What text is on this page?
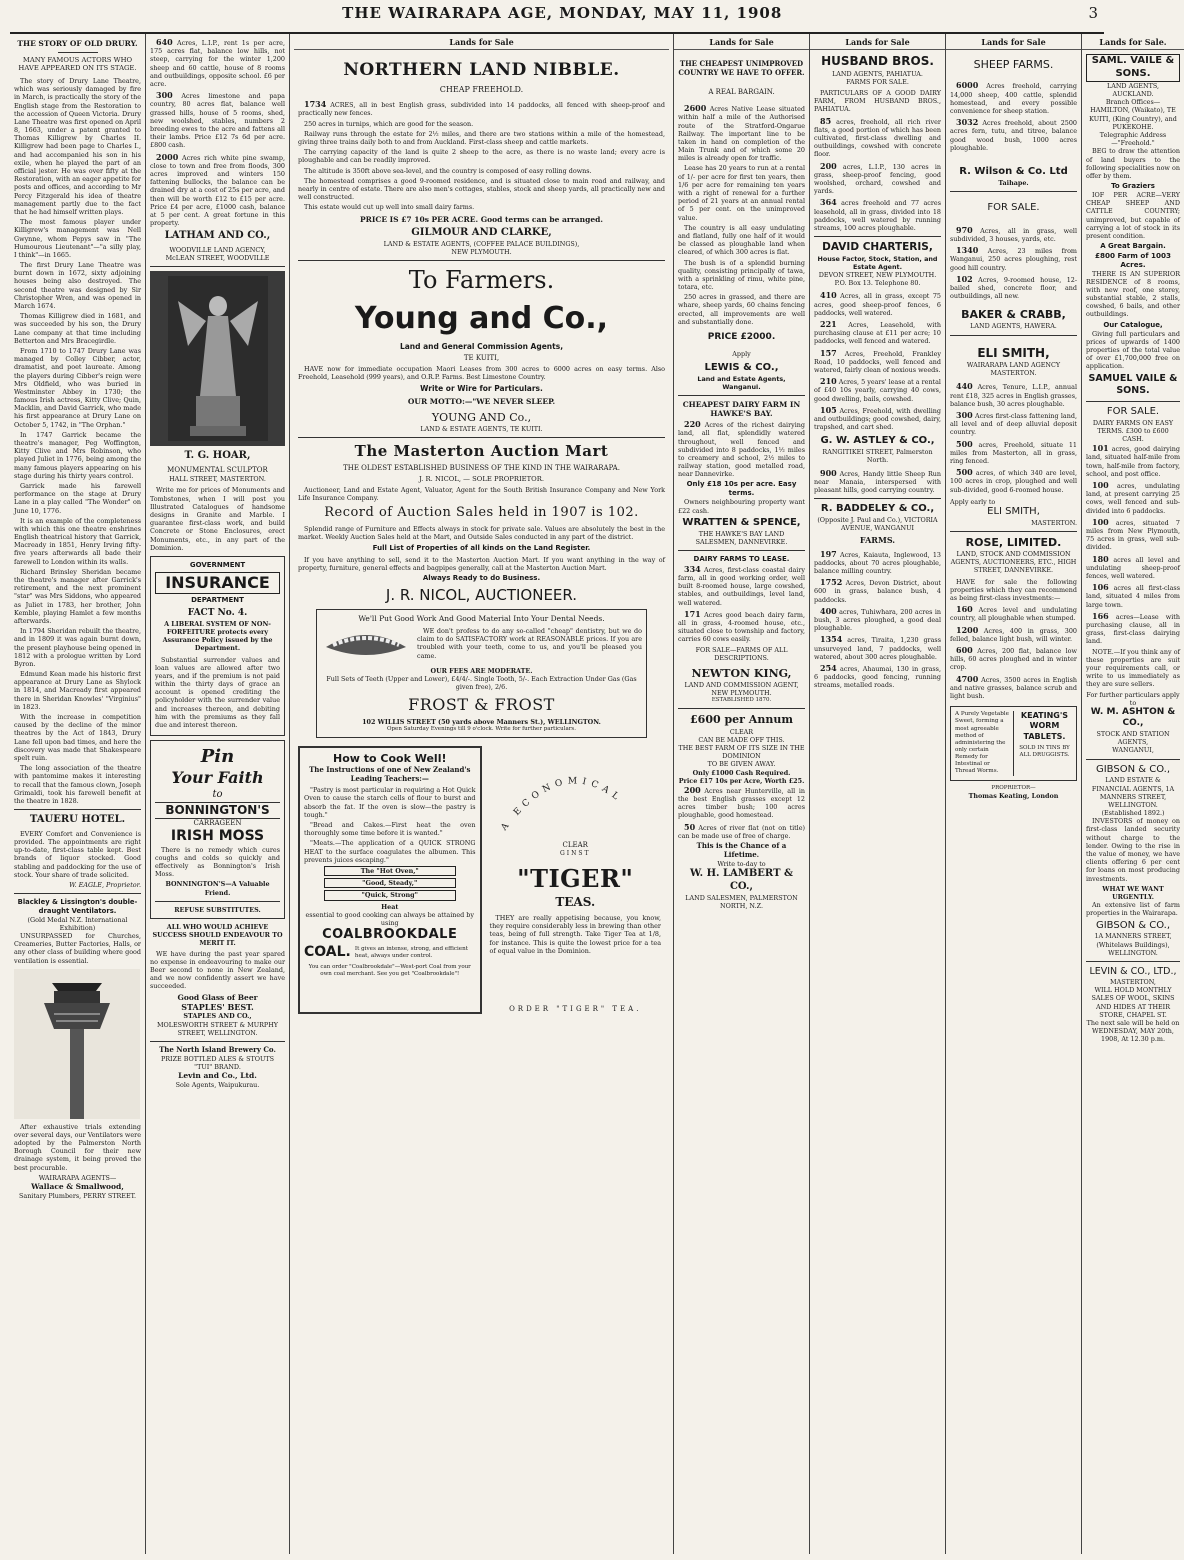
THE WAIRARAPA AGE, MONDAY, MAY 11, 1908	3
THE STORY OF OLD DRURY.
MANY FAMOUS ACTORS WHO HAVE APPEARED ON ITS STAGE.

The story of Drury Lane Theatre, which was seriously damaged by fire in March, is practically the story of the English stage from the Restoration to the accession of Queen Victoria. Drury Lane Theatre was first opened on April 8, 1663, under a patent granted to Thomas Killigrew by Charles II. Killigrew had been page to Charles I., and had accompanied his son in his exile, when he played the part of an official jester. He was over fifty at the Restoration, with an eager appetite for posts and offices, and according to Mr Percy Fitzgerald his idea of theatre management partly due to the fact that he had himself written plays.

The most famous player under Killigrew's management was Nell Gwynne, whom Pepys saw in "The Humourous Lieutenant"—"a silly play, I think"—in 1665.

The first Drury Lane Theatre was burnt down in 1672, sixty adjoining houses being also destroyed. The second theatre was designed by Sir Christopher Wren, and was opened in March 1674.

Thomas Killigrew died in 1681, and was succeeded by his son, the Drury Lane company at that time including Betterton and Mrs Bracegirdle.

From 1710 to 1747 Drury Lane was managed by Colley Cibber, actor, dramatist, and poet laureate. Among the players during Cibber's reign were Mrs Oldfield, who was buried in Westminster Abbey in 1730; the famous Irish actress, Kitty Clive; Quin, Macklin, and David Garrick, who made his first appearance at Drury Lane on October 5, 1742, in "The Orphan."

In 1747 Garrick became the theatre's manager, Peg Woffington, Kitty Clive and Mrs Robinson, who played Juliet in 1776, being among the many famous players appearing on his stage during his thirty years control.

Garrick made his farewell performance on the stage at Drury Lane in a play called "The Wonder" on June 10, 1776.

It is an example of the completeness with which this one theatre enshrines English theatrical history that Garrick, Macready in 1851, Henry Irving fifty-five years afterwards all bade their farewell to London within its walls.

Richard Brinsley Sheridan became the theatre's manager after Garrick's retirement, and the next prominent "star" was Mrs Siddons, who appeared as Juliet in 1783, her brother, John Kemble, playing Hamlet a few months afterwards.

In 1794 Sheridan rebuilt the theatre, and in 1809 it was again burnt down, the present playhouse being opened in 1812 with a prologue written by Lord Byron.

Edmund Kean made his historic first appearance at Drury Lane as Shylock in 1814, and Macready first appeared there in Sheridan Knowles' "Virginius" in 1823.

With the increase in competition caused by the decline of the minor theatres by the Act of 1843, Drury Lane fell upon bad times, and here the discovery was made that Shakespeare spelt ruin.

The long association of the theatre with pantomime makes it interesting to recall that the famous clown, Joseph Grimaldi, took his farewell benefit at the theatre in 1828.

TAUERU HOTEL.

EVERY Comfort and Convenience is provided. The appointments are right up-to-date, first-class table kept. Best brands of liquor stocked. Good stabling and paddocking for the use of stock. Your share of trade solicited.

W. EAGLE, Proprietor.
Blackley & Lissington's double-draught Ventilators.
(Gold Medal N.Z. International Exhibition)

UNSURPASSED for Churches, Creameries, Butter Factories, Halls, or any other class of building where good ventilation is essential.

After exhaustive trials extending over several days, our Ventilators were adopted by the Palmerston North Borough Council for their new drainage system, it being proved the best procurable.

WAIRARAPA AGENTS—
Wallace & Smallwood,
Sanitary Plumbers, PERRY STREET.

640 Acres, L.I.P., rent 1s per acre, 175 acres flat, balance low hills, not steep, carrying for the winter 1,200 sheep and 60 cattle, house of 8 rooms and outbuildings, opposite school. £6 per acre.

300 Acres limestone and papa country, 80 acres flat, balance well grassed hills, house of 5 rooms, shed, new woolshed, stables, numbers 2 breeding ewes to the acre and fattens all their lambs. Price £12 7s 6d per acre. £800 cash.

2000 Acres rich white pine swamp, close to town and free from floods, 300 acres improved and winters 150 fattening bullocks, the balance can be drained dry at a cost of 25s per acre, and then will be worth £12 to £15 per acre. Price £4 per acre, £1000 cash, balance at 5 per cent. A great fortune in this property.

LATHAM AND CO.,
WOODVILLE LAND AGENCY,
McLEAN STREET, WOODVILLE
T. G. HOAR,
MONUMENTAL SCULPTOR
HALL STREET, MASTERTON.

Write me for prices of Monuments and Tombstones, when I will post you Illustrated Catalogues of handsome designs in Granite and Marble. I guarantee first-class work, and build Concrete or Stone Enclosures, erect Monuments, etc., in any part of the Dominion.

GOVERNMENT
INSURANCE
DEPARTMENT
FACT No. 4.
A LIBERAL SYSTEM OF NON-FORFEITURE protects every Assurance Policy issued by the Department.

Substantial surrender values and loan values are allowed after two years, and if the premium is not paid within the thirty days of grace an account is opened crediting the policyholder with the surrender value and increases thereon, and debiting him with the premiums as they fall due and interest thereon.

Pin
Your Faith
to
BONNINGTON'S
CARRAGEEN
IRISH MOSS

There is no remedy which cures coughs and colds so quickly and effectively as Bonnington's Irish Moss.

BONNINGTON'S—A Valuable Friend.
REFUSE SUBSTITUTES.
ALL WHO WOULD ACHIEVE SUCCESS SHOULD ENDEAVOUR TO MERIT IT.

WE have during the past year spared no expense in endeavouring to make our Beer second to none in New Zealand, and we now confidently assert we have succeeded.

Good Glass of Beer
STAPLES' BEST.
STAPLES AND CO.,
MOLESWORTH STREET & MURPHY STREET, WELLINGTON.
The North Island Brewery Co.
PRIZE BOTTLED ALES & STOUTS
"TUI" BRAND.
Levin and Co., Ltd.
Sole Agents, Waipukurau.
Lands for Sale
NORTHERN LAND NIBBLE.
CHEAP FREEHOLD.

1734 ACRES, all in best English grass, subdivided into 14 paddocks, all fenced with sheep-proof and practically new fences.

250 acres in turnips, which are good for the season.

Railway runs through the estate for 2½ miles, and there are two stations within a mile of the homestead, giving three trains daily both to and from Auckland. First-class sheep and cattle markets.

The carrying capacity of the land is quite 2 sheep to the acre, as there is no waste land; every acre is ploughable and can be readily improved.

The altitude is 350ft above sea-level, and the country is composed of easy rolling downs.

The homestead comprises a good 9-roomed residence, and is situated close to main road and railway, and nearly in centre of estate. There are also men's cottages, stables, stock and sheep yards, all practically new and well constructed.

This estate would cut up well into small dairy farms.

PRICE IS £7 10s PER ACRE. Good terms can be arranged.
GILMOUR AND CLARKE,
LAND & ESTATE AGENTS, (COFFEE PALACE BUILDINGS),
NEW PLYMOUTH.
To Farmers.
Young and Co.,
Land and General Commission Agents,
TE KUITI,

HAVE now for immediate occupation Maori Leases from 300 acres to 6000 acres on easy terms. Also Freehold, Leasehold (999 years), and O.R.P. Farms. Best Limestone Country.

Write or Wire for Particulars.
OUR MOTTO:—"WE NEVER SLEEP.
YOUNG AND Co.,
LAND & ESTATE AGENTS, TE KUITI.
The Masterton Auction Mart
THE OLDEST ESTABLISHED BUSINESS OF THE KIND IN THE WAIRARAPA.
J. R. NICOL, — SOLE PROPRIETOR.

Auctioneer, Land and Estate Agent, Valuator, Agent for the South British Insurance Company and New York Life Insurance Company.

Record of Auction Sales held in 1907 is 102.

Splendid range of Furniture and Effects always in stock for private sale. Values are absolutely the best in the market. Weekly Auction Sales held at the Mart, and Outside Sales conducted in any part of the district.

Full List of Properties of all kinds on the Land Register.

If you have anything to sell, send it to the Masterton Auction Mart. If you want anything in the way of property, furniture, general effects and bagpipes generally, call at the Masterton Auction Mart.

Always Ready to do Business.
J. R. NICOL, AUCTIONEER.
We'll Put Good Work And Good Material Into Your Dental Needs.

WE don't profess to do any so-called "cheap" dentistry, but we do claim to do SATISFACTORY work at REASONABLE prices. If you are troubled with your teeth, come to us, and you'll be pleased you came.

OUR FEES ARE MODERATE.
Full Sets of Teeth (Upper and Lower), £4/4/-. Single Tooth, 5/-. Each Extraction Under Gas (Gas given free), 2/6.
FROST & FROST
102 WILLIS STREET (50 yards above Manners St.), WELLINGTON.
Open Saturday Evenings till 9 o'clock. Write for further particulars.
How to Cook Well!
The Instructions of one of New Zealand's Leading Teachers:—

"Pastry is most particular in requiring a Hot Quick Oven to cause the starch cells of flour to burst and absorb the fat. If the oven is slow—the pastry is tough."

"Bread and Cakes.—First heat the oven thoroughly some time before it is wanted."

"Meats.—The application of a QUICK STRONG HEAT to the surface coagulates the albumen. This prevents juices escaping."

The "Hot Oven,"
"Good, Steady,"
"Quick, Strong"
Heat
essential to good cooking can always be attained by using
COALBROOKDALE
COAL. It gives an intense, strong, and efficient heat, always under control.
You can order "Coalbrookdale"—West-port Coal from your own coal merchant. See you get "Coalbrookdale"!
A ECONOMICAL
CLEAR
GINST
"TIGER"
TEAS.

THEY are really appetising because, you know, they require considerably less in brewing than other teas, being of full strength. Take Tiger Tea at 1/8, for instance. This is quite the lowest price for a tea of equal value in the Dominion.

ORDER "TIGER" TEA.
Lands for Sale
THE CHEAPEST UNIMPROVED COUNTRY WE HAVE TO OFFER.
A REAL BARGAIN.

2600 Acres Native Lease situated within half a mile of the Authorised route of the Stratford-Ongarue Railway. The important line to be taken in hand on completion of the Main Trunk and of which some 20 miles is already open for traffic.

Lease has 20 years to run at a rental of 1/- per acre for first ten years, then 1/6 per acre for remaining ten years with a right of renewal for a further period of 21 years at an annual rental of 5 per cent. on the unimproved value.

The country is all easy undulating and flatland, fully one half of it would be classed as ploughable land when cleared, of which 300 acres is flat.

The bush is of a splendid burning quality, consisting principally of tawa, with a sprinkling of rimu, white pine, totara, etc.

250 acres in grassed, and there are whare, sheep yards, 60 chains fencing erected, all improvements are well and substantially done.

PRICE £2000.
Apply
LEWIS & CO.,
Land and Estate Agents,
Wanganui.
CHEAPEST DAIRY FARM IN HAWKE'S BAY.

220 Acres of the richest dairying land, all flat, splendidly watered throughout, well fenced and subdivided into 8 paddocks, 1½ miles to creamery and school, 2½ miles to railway station, good metalled road, near Dannevirke.

Only £18 10s per acre. Easy terms.

Owners neighbouring property want £22 cash.

WRATTEN & SPENCE,
THE HAWKE'S BAY LAND SALESMEN, DANNEVIRKE.
DAIRY FARMS TO LEASE.

334 Acres, first-class coastal dairy farm, all in good working order, well built 8-roomed house, large cowshed, stables, and outbuildings, level land, well watered.

171 Acres good beach dairy farm, all in grass, 4-roomed house, etc., situated close to township and factory, carries 60 cows easily.

FOR SALE—FARMS OF ALL DESCRIPTIONS.
NEWTON KING,
LAND AND COMMISSION AGENT, NEW PLYMOUTH.
ESTABLISHED 1870.
£600 per Annum
CLEAR
CAN BE MADE OFF THIS.
THE BEST FARM OF ITS SIZE IN THE DOMINION
TO BE GIVEN AWAY.
Only £1000 Cash Required.
Price £17 10s per Acre, Worth £25.

200 Acres near Hunterville, all in the best English grasses except 12 acres timber bush; 100 acres ploughable, good homestead.

50 Acres of river flat (not on title) can be made use of free of charge.

This is the Chance of a Lifetime.
Write to-day to
W. H. LAMBERT & CO.,
LAND SALESMEN, PALMERSTON NORTH, N.Z.
Lands for Sale
HUSBAND BROS.
LAND AGENTS, PAHIATUA.
FARMS FOR SALE.

PARTICULARS OF A GOOD DAIRY FARM, FROM HUSBAND BROS., PAHIATUA.

85 acres, freehold, all rich river flats, a good portion of which has been cultivated, first-class dwelling and outbuildings, cowshed with concrete floor.

200 acres, L.I.P., 130 acres in grass, sheep-proof fencing, good woolshed, orchard, cowshed and yards.

364 acres freehold and 77 acres leasehold, all in grass, divided into 18 paddocks, well watered by running streams, 100 acres ploughable.

DAVID CHARTERIS,
House Factor, Stock, Station, and Estate Agent.
DEVON STREET, NEW PLYMOUTH.
P.O. Box 13. Telephone 80.

410 Acres, all in grass, except 75 acres, good sheep-proof fences, 6 paddocks, well watered.

221 Acres, Leasehold, with purchasing clause at £11 per acre; 10 paddocks, well fenced and watered.

157 Acres, Freehold, Frankley Road, 10 paddocks, well fenced and watered, fairly clean of noxious weeds.

210 Acres, 5 years' lease at a rental of £40 10s yearly, carrying 40 cows, good dwelling, bails, cowshed.

105 Acres, Freehold, with dwelling and outbuildings; good cowshed, dairy, trapshed, and cart shed.

G. W. ASTLEY & CO.,
RANGITIKEI STREET, Palmerston North.

900 Acres, Handy little Sheep Run near Manaia, interspersed with pleasant hills, good carrying country.

R. BADDELEY & CO.,
(Opposite J. Paul and Co.), VICTORIA AVENUE, WANGANUI
FARMS.

197 Acres, Kaiauta, Inglewood, 13 paddocks, about 70 acres ploughable, balance milling country.

1752 Acres, Devon District, about 600 in grass, balance bush, 4 paddocks.

400 acres, Tuhiwhara, 200 acres in bush, 3 acres ploughed, a good deal ploughable.

1354 acres, Tiraita, 1,230 grass unsurveyed land, 7 paddocks, well watered, about 300 acres ploughable.

254 acres, Ahaumai, 130 in grass, 6 paddocks, good fencing, running streams, metalled roads.

Lands for Sale
SHEEP FARMS.

6000 Acres freehold, carrying 14,000 sheep, 400 cattle, splendid homestead, and every possible convenience for sheep station.

3032 Acres freehold, about 2500 acres fern, tutu, and titree, balance good wood bush, 1000 acres ploughable.

R. Wilson & Co. Ltd
Taihape.
FOR SALE.

970 Acres, all in grass, well subdivided, 3 houses, yards, etc.

1340 Acres, 23 miles from Wanganui, 250 acres ploughing, rest good hill country.

102 Acres, 9-roomed house, 12-bailed shed, concrete floor, and outbuildings, all new.

BAKER & CRABB,
LAND AGENTS, HAWERA.
ELI SMITH,
WAIRARAPA LAND AGENCY MASTERTON.

440 Acres, Tenure, L.I.P., annual rent £18, 325 acres in English grasses, balance bush, 30 acres ploughable.

300 Acres first-class fattening land, all level and of deep alluvial deposit country.

500 acres, Freehold, situate 11 miles from Masterton, all in grass, ring fenced.

500 acres, of which 340 are level, 100 acres in crop, ploughed and well sub-divided, good 6-roomed house.

Apply early to
ELI SMITH,
MASTERTON.
ROSE, LIMITED.
LAND, STOCK AND COMMISSION AGENTS, AUCTIONEERS, ETC., HIGH STREET, DANNEVIRKE.

HAVE for sale the following properties which they can recommend as being first-class investments:—

160 Acres level and undulating country, all ploughable when stumped.

1200 Acres, 400 in grass, 300 felled, balance light bush, will winter.

600 Acres, 200 flat, balance low hills, 60 acres ploughed and in winter crop.

4700 Acres, 3500 acres in English and native grasses, balance scrub and light bush.

A Purely Vegetable Sweet, forming a most agreeable method of administering the only certain Remedy for Intestinal or Thread Worms.
KEATING'S WORM TABLETS.
SOLD IN TINS BY ALL DRUGGISTS.
PROPRIETOR—
Thomas Keating, London
Lands for Sale.
SAML. VAILE & SONS.
LAND AGENTS, AUCKLAND.
Branch Offices—
HAMILTON, (Waikato), TE KUITI, (King Country), and PUKEKOHE.
Telegraphic Address—"Freehold."

BEG to draw the attention of land buyers to the following specialities now on offer by them.

To Graziers

IOF PER ACRE—VERY CHEAP SHEEP AND CATTLE COUNTRY; unimproved, but capable of carrying a lot of stock in its present condition.

A Great Bargain.
£800 Farm of 1003 Acres.

THERE IS AN SUPERIOR RESIDENCE of 8 rooms, with new roof, one storey, substantial stable, 2 stalls, cowshed, 6 bails, and other outbuildings.

Our Catalogue,

Giving full particulars and prices of upwards of 1400 properties of the total value of over £1,700,000 free on application.

SAMUEL VAILE & SONS.
FOR SALE.
DAIRY FARMS ON EASY TERMS. £300 to £600 CASH.

101 acres, good dairying land, situated half-mile from town, half-mile from factory, school, and post office.

100 acres, undulating land, at present carrying 25 cows, well fenced and sub-divided into 6 paddocks.

100 acres, situated 7 miles from New Plymouth, 75 acres in grass, well sub-divided.

180 acres all level and undulating sheep-proof fences, well watered.

106 acres all first-class land, situated 4 miles from large town.

166 acres—Lease with purchasing clause, all in grass, first-class dairying land.

NOTE.—If you think any of these properties are suit your requirements call, or write to us immediately as they are sure sellers.

For further particulars apply to
W. M. ASHTON & CO.,
STOCK AND STATION AGENTS,
WANGANUI,
GIBSON & CO.,
LAND ESTATE & FINANCIAL AGENTS, 1A MANNERS STREET, WELLINGTON.
(Established 1892.)

INVESTORS of money on first-class landed security without charge to the lender. Owing to the rise in the value of money, we have clients offering 6 per cent for loans on most producing investments.

WHAT WE WANT URGENTLY.

An extensive list of farm properties in the Wairarapa.

GIBSON & CO.,
1A MANNERS STREET, (Whitelaws Buildings), WELLINGTON.
LEVIN & CO., LTD.,
MASTERTON,
WILL HOLD MONTHLY SALES OF WOOL, SKINS AND HIDES AT THEIR STORE, CHAPEL ST.
The next sale will be held on WEDNESDAY, MAY 20th, 1908, At 12.30 p.m.
